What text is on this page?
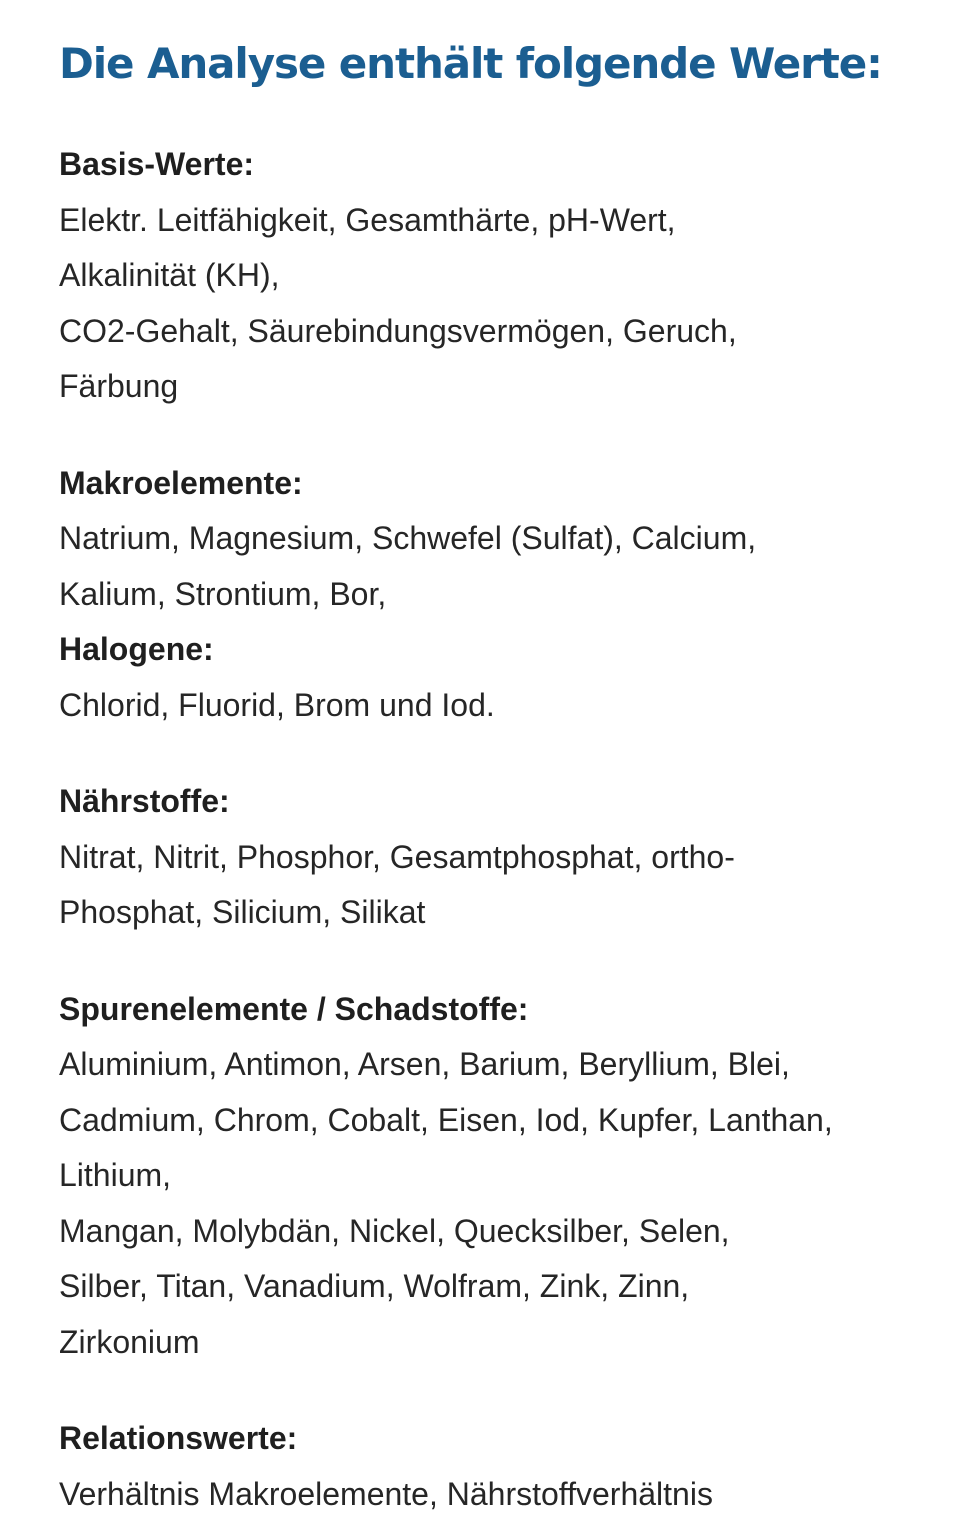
Die Analyse enthält folgende Werte:

Basis-Werte:

Elektr. Leitfähigkeit, Gesamthärte, pH-Wert,

Alkalinität (KH),

CO2-Gehalt, Säurebindungsvermögen, Geruch,

Färbung

Makroelemente:

Natrium, Magnesium, Schwefel (Sulfat), Calcium,

Kalium, Strontium, Bor,

Halogene:

Chlorid, Fluorid, Brom und Iod.

Nährstoffe:

Nitrat, Nitrit, Phosphor, Gesamtphosphat, ortho-

Phosphat, Silicium, Silikat

Spurenelemente / Schadstoffe:

Aluminium, Antimon, Arsen, Barium, Beryllium, Blei,

Cadmium, Chrom, Cobalt, Eisen, Iod, Kupfer, Lanthan,

Lithium,

Mangan, Molybdän, Nickel, Quecksilber, Selen,

Silber, Titan, Vanadium, Wolfram, Zink, Zinn,

Zirkonium

Relationswerte:

Verhältnis Makroelemente, Nährstoffverhältnis
